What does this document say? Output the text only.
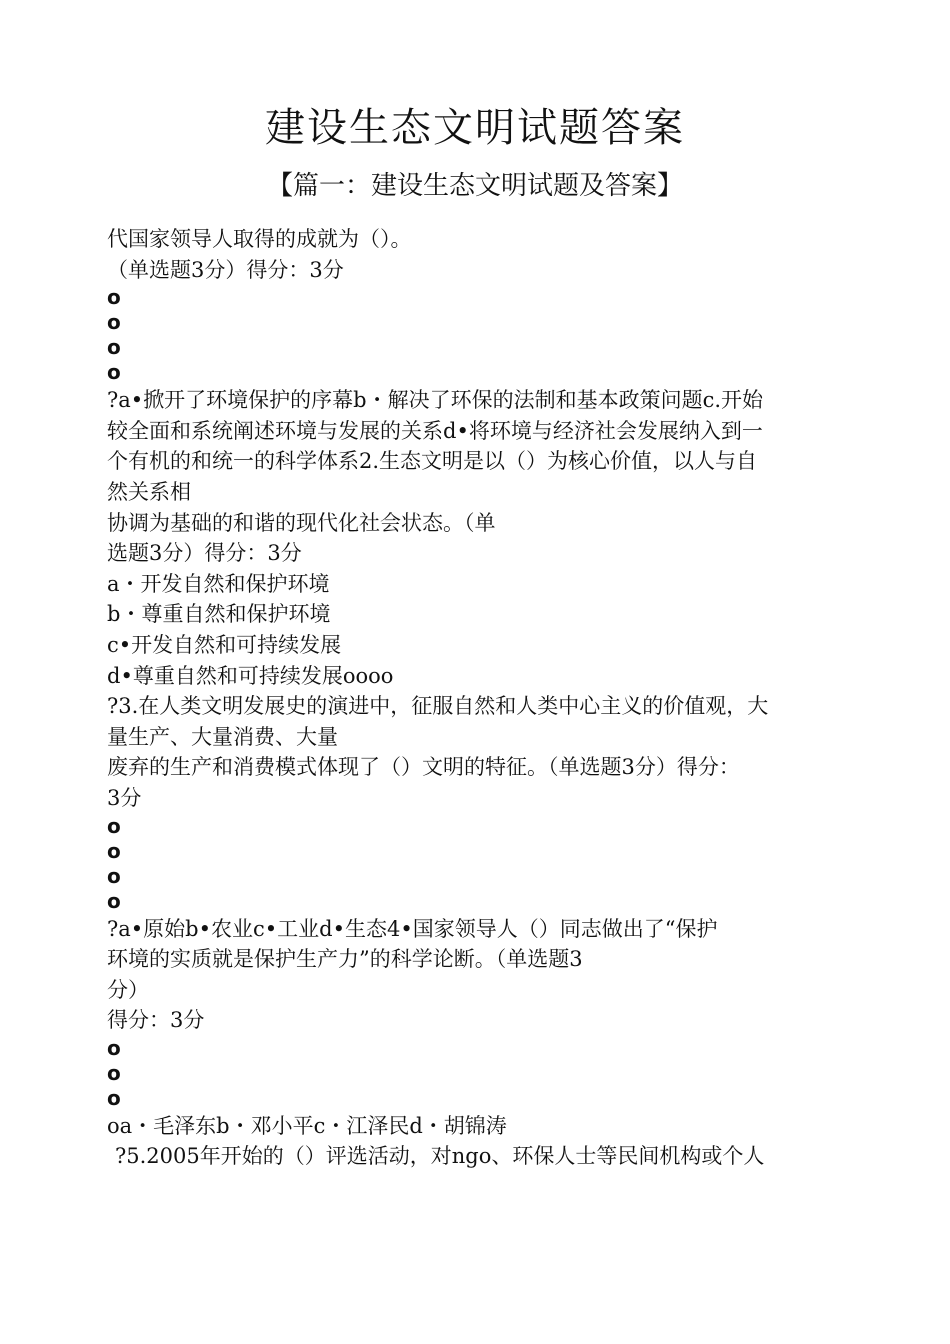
建设生态文明试题答案
【篇一：建设生态文明试题及答案】
代国家领导人取得的成就为（）。
（单选题3分）得分：3分
o
o
o
o
?a•掀开了环境保护的序幕b・解决了环保的法制和基本政策问题c.开始
较全面和系统阐述环境与发展的关系d•将环境与经济社会发展纳入到一
个有机的和统一的科学体系2.生态文明是以（）为核心价值，以人与自
然关系相
协调为基础的和谐的现代化社会状态。（单
选题3分）得分：3分
a・开发自然和保护环境
b・尊重自然和保护环境
c•开发自然和可持续发展
d•尊重自然和可持续发展oooo
?3.在人类文明发展史的演进中，征服自然和人类中心主义的价值观，大
量生产、大量消费、大量
废弃的生产和消费模式体现了（）文明的特征。（单选题3分）得分：
3分
o
o
o
o
?a•原始b•农业c•工业d•生态4•国家领导人（）同志做出了“保护
环境的实质就是保护生产力”的科学论断。（单选题3
分）
得分：3分
o
o
o
oa・毛泽东b・邓小平c・江泽民d・胡锦涛
?5.2005年开始的（）评选活动，对ngo、环保人士等民间机构或个人
